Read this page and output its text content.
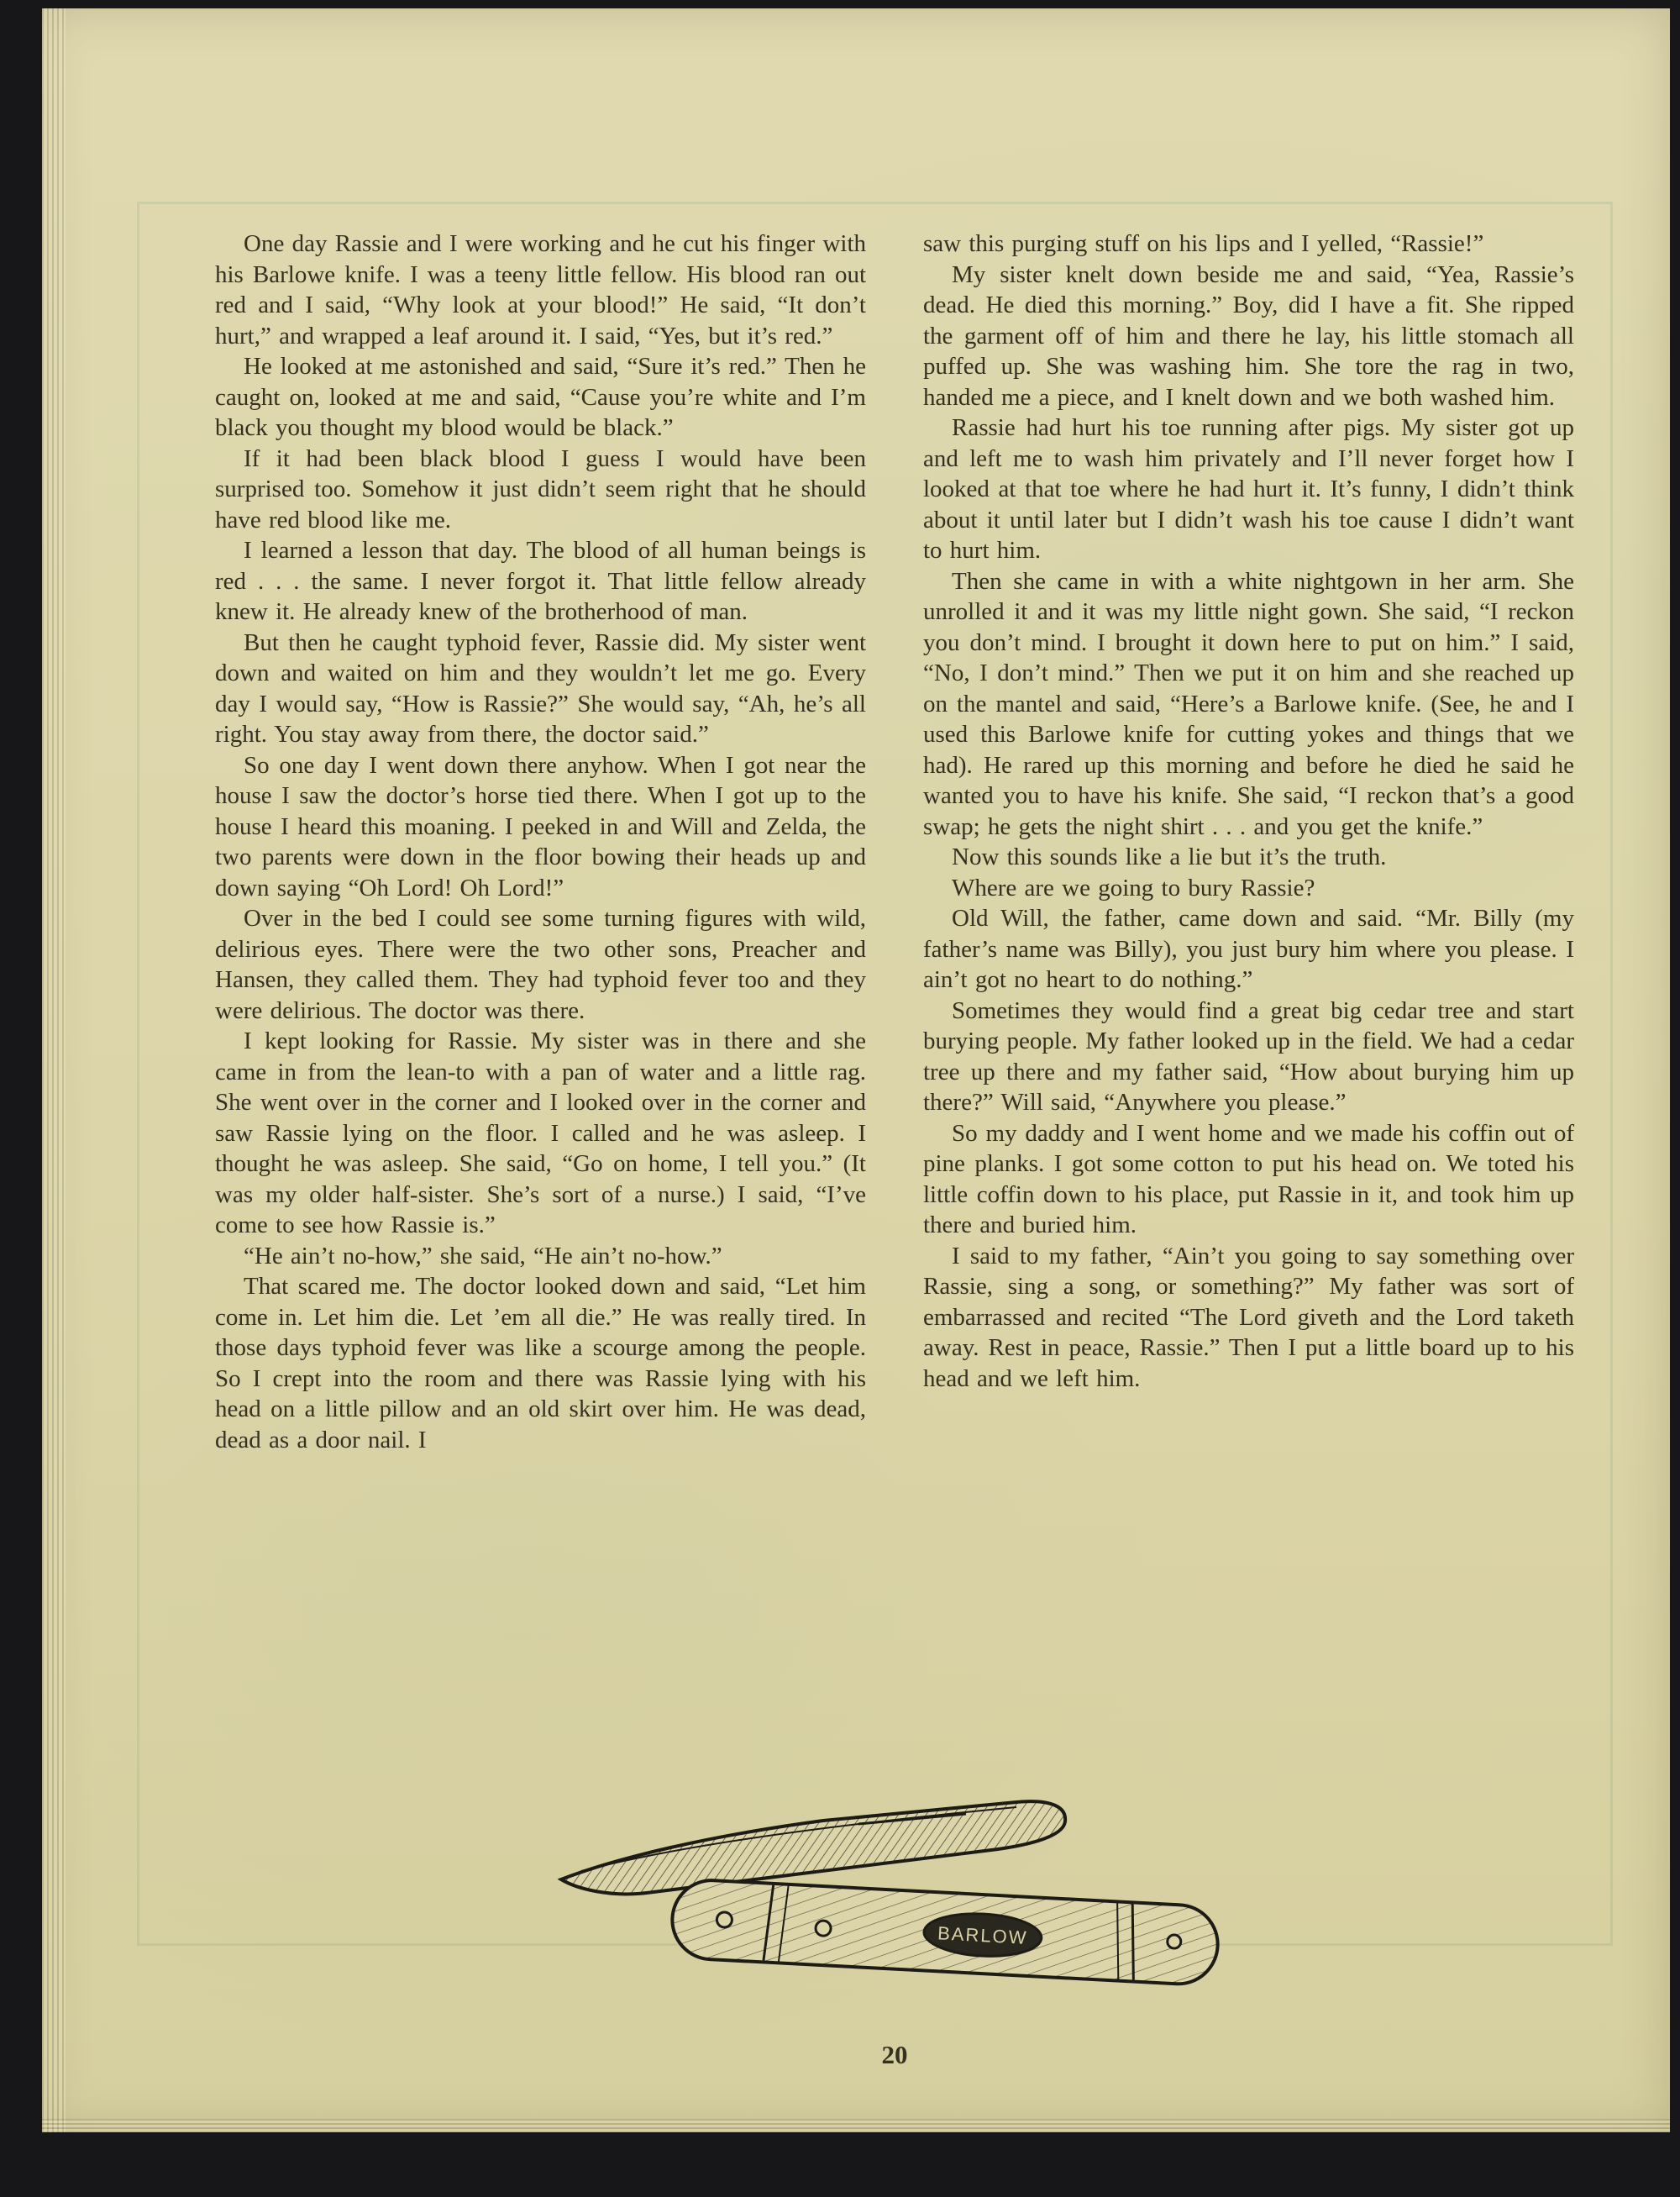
One day Rassie and I were working and he cut his finger with his Barlowe knife. I was a teeny little fellow. His blood ran out red and I said, “Why look at your blood!” He said, “It don’t hurt,” and wrapped a leaf around it. I said, “Yes, but it’s red.”

He looked at me astonished and said, “Sure it’s red.” Then he caught on, looked at me and said, “Cause you’re white and I’m black you thought my blood would be black.”

If it had been black blood I guess I would have been surprised too. Somehow it just didn’t seem right that he should have red blood like me.

I learned a lesson that day. The blood of all human beings is red . . . the same. I never forgot it. That little fellow already knew it. He already knew of the brotherhood of man.

But then he caught typhoid fever, Rassie did. My sister went down and waited on him and they wouldn’t let me go. Every day I would say, “How is Rassie?” She would say, “Ah, he’s all right. You stay away from there, the doctor said.”

So one day I went down there anyhow. When I got near the house I saw the doctor’s horse tied there. When I got up to the house I heard this moaning. I peeked in and Will and Zelda, the two parents were down in the floor bowing their heads up and down saying “Oh Lord! Oh Lord!”

Over in the bed I could see some turning figures with wild, delirious eyes. There were the two other sons, Preacher and Hansen, they called them. They had typhoid fever too and they were delirious. The doctor was there.

I kept looking for Rassie. My sister was in there and she came in from the lean-to with a pan of water and a little rag. She went over in the corner and I looked over in the corner and saw Rassie lying on the floor. I called and he was asleep. I thought he was asleep. She said, “Go on home, I tell you.” (It was my older half-sister. She’s sort of a nurse.) I said, “I’ve come to see how Rassie is.”

“He ain’t no-how,” she said, “He ain’t no-how.”

That scared me. The doctor looked down and said, “Let him come in. Let him die. Let ’em all die.” He was really tired. In those days typhoid fever was like a scourge among the people. So I crept into the room and there was Rassie lying with his head on a little pillow and an old skirt over him. He was dead, dead as a door nail. I

saw this purging stuff on his lips and I yelled, “Rassie!”

My sister knelt down beside me and said, “Yea, Rassie’s dead. He died this morning.” Boy, did I have a fit. She ripped the garment off of him and there he lay, his little stomach all puffed up. She was washing him. She tore the rag in two, handed me a piece, and I knelt down and we both washed him.

Rassie had hurt his toe running after pigs. My sister got up and left me to wash him privately and I’ll never forget how I looked at that toe where he had hurt it. It’s funny, I didn’t think about it until later but I didn’t wash his toe cause I didn’t want to hurt him.

Then she came in with a white nightgown in her arm. She unrolled it and it was my little night gown. She said, “I reckon you don’t mind. I brought it down here to put on him.” I said, “No, I don’t mind.” Then we put it on him and she reached up on the mantel and said, “Here’s a Barlowe knife. (See, he and I used this Barlowe knife for cutting yokes and things that we had). He rared up this morning and before he died he said he wanted you to have his knife. She said, “I reckon that’s a good swap; he gets the night shirt . . . and you get the knife.”

Now this sounds like a lie but it’s the truth.

Where are we going to bury Rassie?

Old Will, the father, came down and said. “Mr. Billy (my father’s name was Billy), you just bury him where you please. I ain’t got no heart to do nothing.”

Sometimes they would find a great big cedar tree and start burying people. My father looked up in the field. We had a cedar tree up there and my father said, “How about burying him up there?” Will said, “Anywhere you please.”

So my daddy and I went home and we made his coffin out of pine planks. I got some cotton to put his head on. We toted his little coffin down to his place, put Rassie in it, and took him up there and buried him.

I said to my father, “Ain’t you going to say something over Rassie, sing a song, or something?” My father was sort of embarrassed and recited “The Lord giveth and the Lord taketh away. Rest in peace, Rassie.” Then I put a little board up to his head and we left him.

BARLOW
20
